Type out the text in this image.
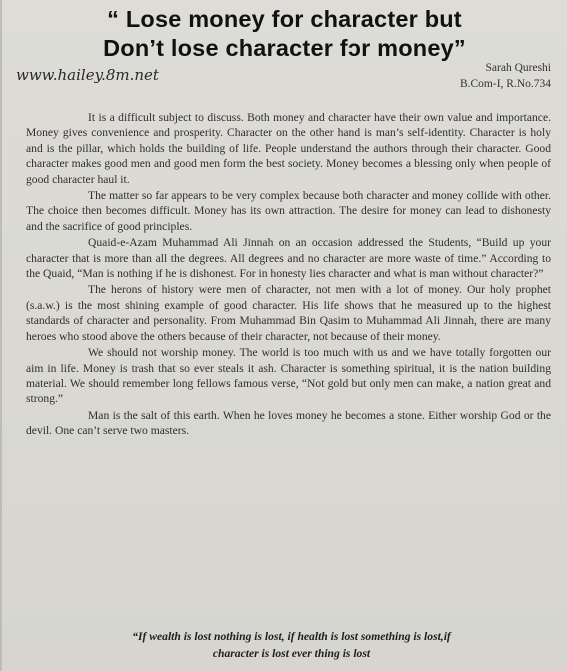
“ Lose money for character but
Don’t lose character fɔr money”
www.hailey.8m.net	Sarah Qureshi
B.Com-I, R.No.734

It is a difficult subject to discuss. Both money and character have their own value and importance. Money gives convenience and prosperity. Character on the other hand is man’s self-identity. Character is holy and is the pillar, which holds the building of life. People understand the authors through their character. Good character makes good men and good men form the best society. Money becomes a blessing only when people of good character haul it.

The matter so far appears to be very complex because both character and money collide with other. The choice then becomes difficult. Money has its own attraction. The desire for money can lead to dishonesty and the sacrifice of good principles.

Quaid-e-Azam Muhammad Ali Jinnah on an occasion addressed the Students, “Build up your character that is more than all the degrees. All degrees and no character are more waste of time.” According to the Quaid, “Man is nothing if he is dishonest. For in honesty lies character and what is man without character?”

The herons of history were men of character, not men with a lot of money. Our holy prophet (s.a.w.) is the most shining example of good character. His life shows that he measured up to the highest standards of character and personality. From Muhammad Bin Qasim to Muhammad Ali Jinnah, there are many heroes who stood above the others because of their character, not because of their money.

We should not worship money. The world is too much with us and we have totally forgotten our aim in life. Money is trash that so ever steals it ash. Character is something spiritual, it is the nation building material. We should remember long fellows famous verse, “Not gold but only men can make, a nation great and strong.”

Man is the salt of this earth. When he loves money he becomes a stone. Either worship God or the devil. One can’t serve two masters.

“If wealth is lost nothing is lost, if health is lost something is lost,if
character is lost ever thing is lost
